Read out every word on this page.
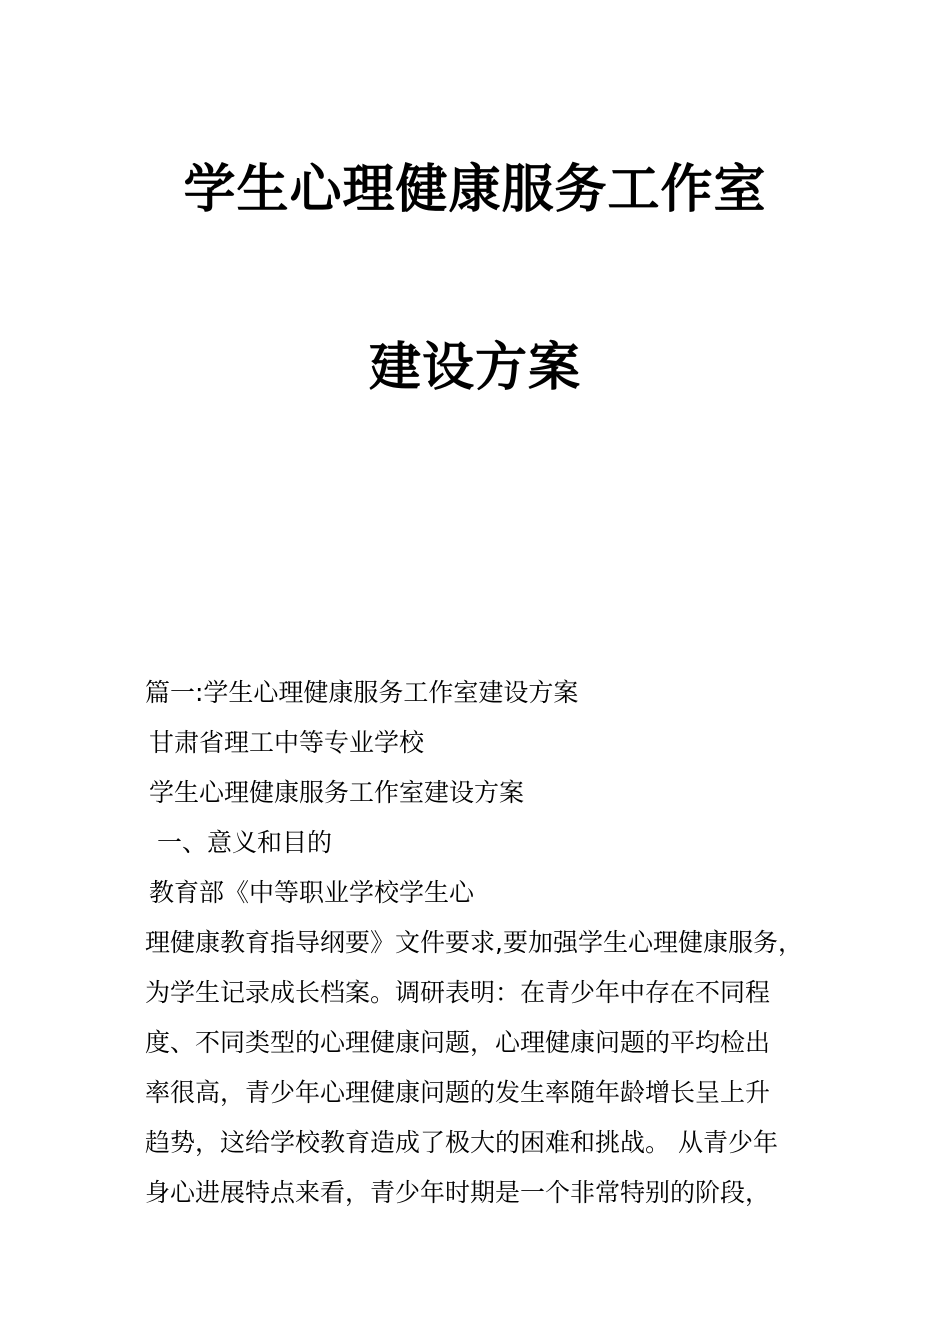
学生心理健康服务工作室
建设方案
篇一:学生心理健康服务工作室建设方案
甘肃省理工中等专业学校
学生心理健康服务工作室建设方案
一、意义和目的
教育部《中等职业学校学生心
理健康教育指导纲要》文件要求,要加强学生心理健康服务，
为学生记录成长档案。调研表明：在青少年中存在不同程
度、不同类型的心理健康问题，心理健康问题的平均检出
率很高，青少年心理健康问题的发生率随年龄增长呈上升
趋势，这给学校教育造成了极大的困难和挑战。 从青少年
身心进展特点来看，青少年时期是一个非常特别的阶段，
